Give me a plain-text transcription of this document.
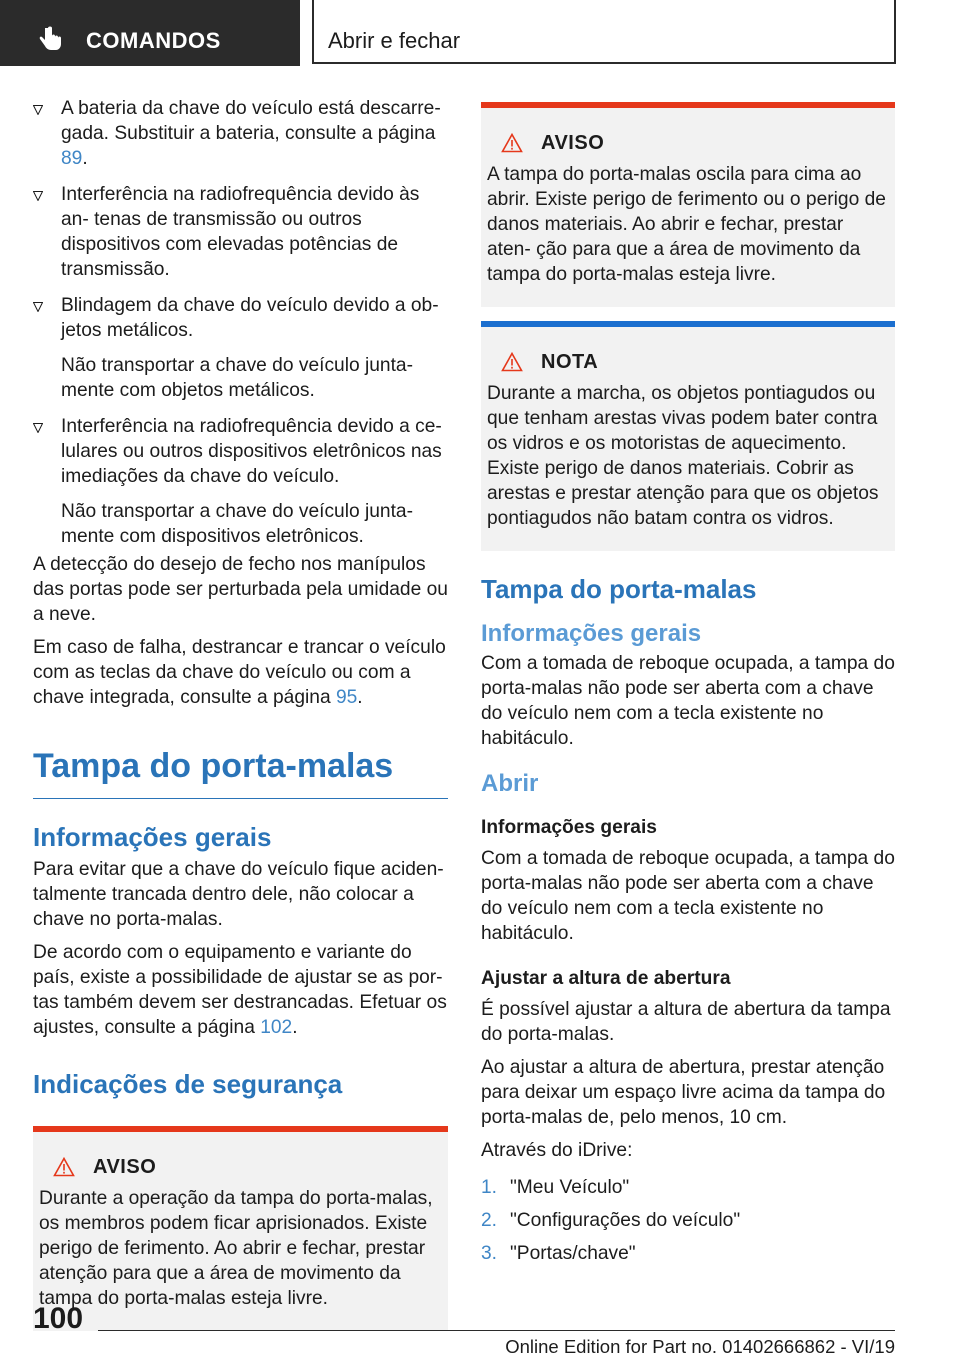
COMANDOS	Abrir e fechar

A bateria da chave do veículo está descarre- gada. Substituir a bateria, consulte a página 89.

Interferência na radiofrequência devido às an- tenas de transmissão ou outros dispositivos com elevadas potências de transmissão.

Blindagem da chave do veículo devido a ob- jetos metálicos.

Não transportar a chave do veículo junta- mente com objetos metálicos.

Interferência na radiofrequência devido a ce- lulares ou outros dispositivos eletrônicos nas imediações da chave do veículo.

Não transportar a chave do veículo junta- mente com dispositivos eletrônicos.

A detecção do desejo de fecho nos manípulos das portas pode ser perturbada pela umidade ou a neve.

Em caso de falha, destrancar e trancar o veículo com as teclas da chave do veículo ou com a chave integrada, consulte a página 95.

Tampa do porta-malas
Informações gerais

Para evitar que a chave do veículo fique aciden- talmente trancada dentro dele, não colocar a chave no porta-malas.

De acordo com o equipamento e variante do país, existe a possibilidade de ajustar se as por- tas também devem ser destrancadas. Efetuar os ajustes, consulte a página 102.

Indicações de segurança
AVISO

Durante a operação da tampa do porta-malas, os membros podem ficar aprisionados. Existe perigo de ferimento. Ao abrir e fechar, prestar atenção para que a área de movimento da tampa do porta-malas esteja livre.

AVISO

A tampa do porta-malas oscila para cima ao abrir. Existe perigo de ferimento ou o perigo de danos materiais. Ao abrir e fechar, prestar aten- ção para que a área de movimento da tampa do porta-malas esteja livre.

NOTA

Durante a marcha, os objetos pontiagudos ou que tenham arestas vivas podem bater contra os vidros e os motoristas de aquecimento. Existe perigo de danos materiais. Cobrir as arestas e prestar atenção para que os objetos pontiagudos não batam contra os vidros.

Tampa do porta-malas
Informações gerais

Com a tomada de reboque ocupada, a tampa do porta-malas não pode ser aberta com a chave do veículo nem com a tecla existente no habitáculo.

Abrir
Informações gerais

Com a tomada de reboque ocupada, a tampa do porta-malas não pode ser aberta com a chave do veículo nem com a tecla existente no habitáculo.

Ajustar a altura de abertura

É possível ajustar a altura de abertura da tampa do porta-malas.

Ao ajustar a altura de abertura, prestar atenção para deixar um espaço livre acima da tampa do porta-malas de, pelo menos, 10 cm.

Através do iDrive:

1. "Meu Veículo"
2. "Configurações do veículo"
3. "Portas/chave"
100
Online Edition for Part no. 01402666862 - VI/19
